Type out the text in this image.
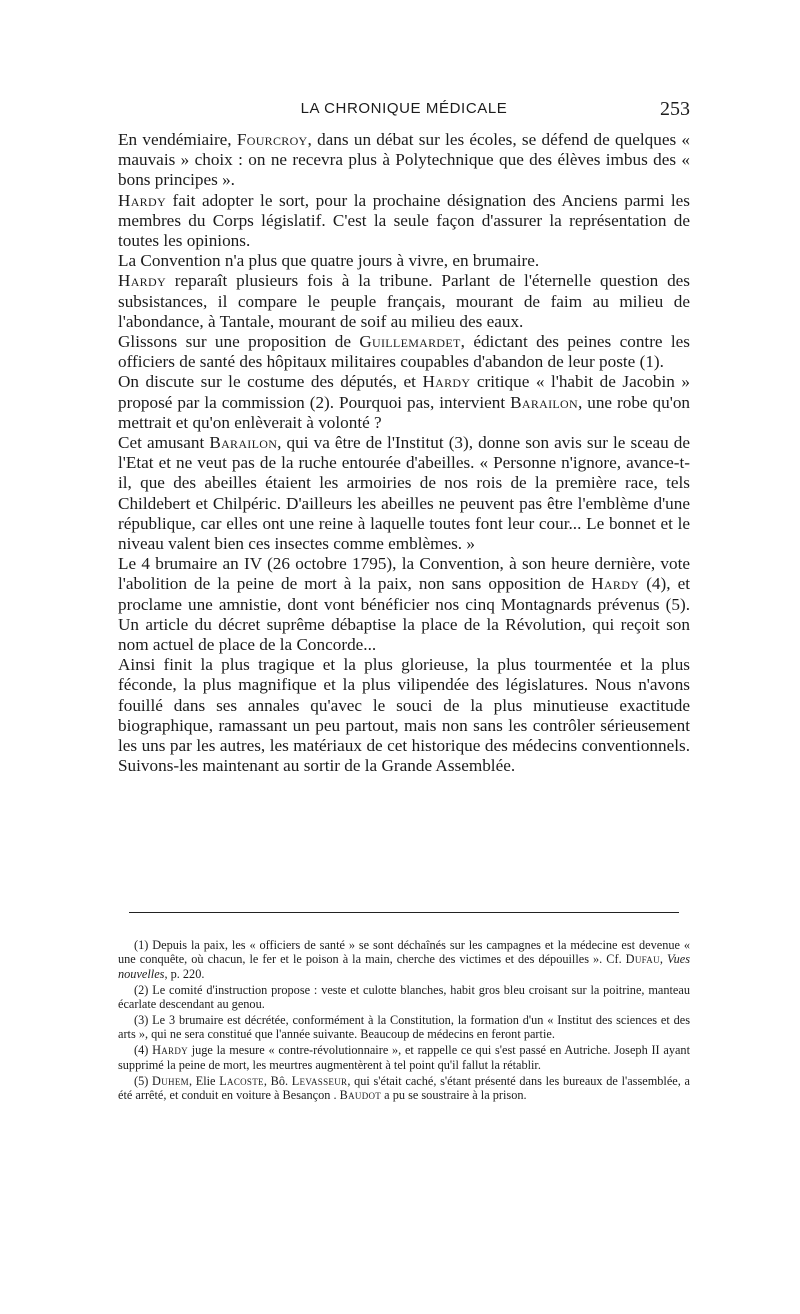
LA CHRONIQUE MÉDICALE	253

En vendémiaire, Fourcroy, dans un débat sur les écoles, se défend de quelques « mauvais » choix : on ne recevra plus à Polytechnique que des élèves imbus des « bons principes ».

Hardy fait adopter le sort, pour la prochaine désignation des Anciens parmi les membres du Corps législatif. C'est la seule façon d'assurer la représentation de toutes les opinions.

La Convention n'a plus que quatre jours à vivre, en brumaire.

Hardy reparaît plusieurs fois à la tribune. Parlant de l'éternelle question des subsistances, il compare le peuple français, mourant de faim au milieu de l'abondance, à Tantale, mourant de soif au milieu des eaux.

Glissons sur une proposition de Guillemardet, édictant des peines contre les officiers de santé des hôpitaux militaires coupables d'abandon de leur poste (1).

On discute sur le costume des députés, et Hardy critique « l'habit de Jacobin » proposé par la commission (2). Pourquoi pas, intervient Barailon, une robe qu'on mettrait et qu'on enlèverait à volonté ?

Cet amusant Barailon, qui va être de l'Institut (3), donne son avis sur le sceau de l'Etat et ne veut pas de la ruche entourée d'abeilles. « Personne n'ignore, avance-t-il, que des abeilles étaient les armoiries de nos rois de la première race, tels Childebert et Chilpéric. D'ailleurs les abeilles ne peuvent pas être l'emblème d'une république, car elles ont une reine à laquelle toutes font leur cour... Le bonnet et le niveau valent bien ces insectes comme emblèmes. »

Le 4 brumaire an IV (26 octobre 1795), la Convention, à son heure dernière, vote l'abolition de la peine de mort à la paix, non sans opposition de Hardy (4), et proclame une amnistie, dont vont bénéficier nos cinq Montagnards prévenus (5). Un article du décret suprême débaptise la place de la Révolution, qui reçoit son nom actuel de place de la Concorde...

Ainsi finit la plus tragique et la plus glorieuse, la plus tourmentée et la plus féconde, la plus magnifique et la plus vilipendée des législatures. Nous n'avons fouillé dans ses annales qu'avec le souci de la plus minutieuse exactitude biographique, ramassant un peu partout, mais non sans les contrôler sérieusement les uns par les autres, les matériaux de cet historique des médecins conventionnels. Suivons-les maintenant au sortir de la Grande Assemblée.

(1) Depuis la paix, les « officiers de santé » se sont déchaînés sur les campagnes et la médecine est devenue « une conquête, où chacun, le fer et le poison à la main, cherche des victimes et des dépouilles ». Cf. Dufau, Vues nouvelles, p. 220.

(2) Le comité d'instruction propose : veste et culotte blanches, habit gros bleu croisant sur la poitrine, manteau écarlate descendant au genou.

(3) Le 3 brumaire est décrétée, conformément à la Constitution, la formation d'un « Institut des sciences et des arts », qui ne sera constitué que l'année suivante. Beaucoup de médecins en feront partie.

(4) Hardy juge la mesure « contre-révolutionnaire », et rappelle ce qui s'est passé en Autriche. Joseph II ayant supprimé la peine de mort, les meurtres augmentèrent à tel point qu'il fallut la rétablir.

(5) Duhem, Elie Lacoste, Bô. Levasseur, qui s'était caché, s'étant présenté dans les bureaux de l'assemblée, a été arrêté, et conduit en voiture à Besançon . Baudot a pu se soustraire à la prison.
